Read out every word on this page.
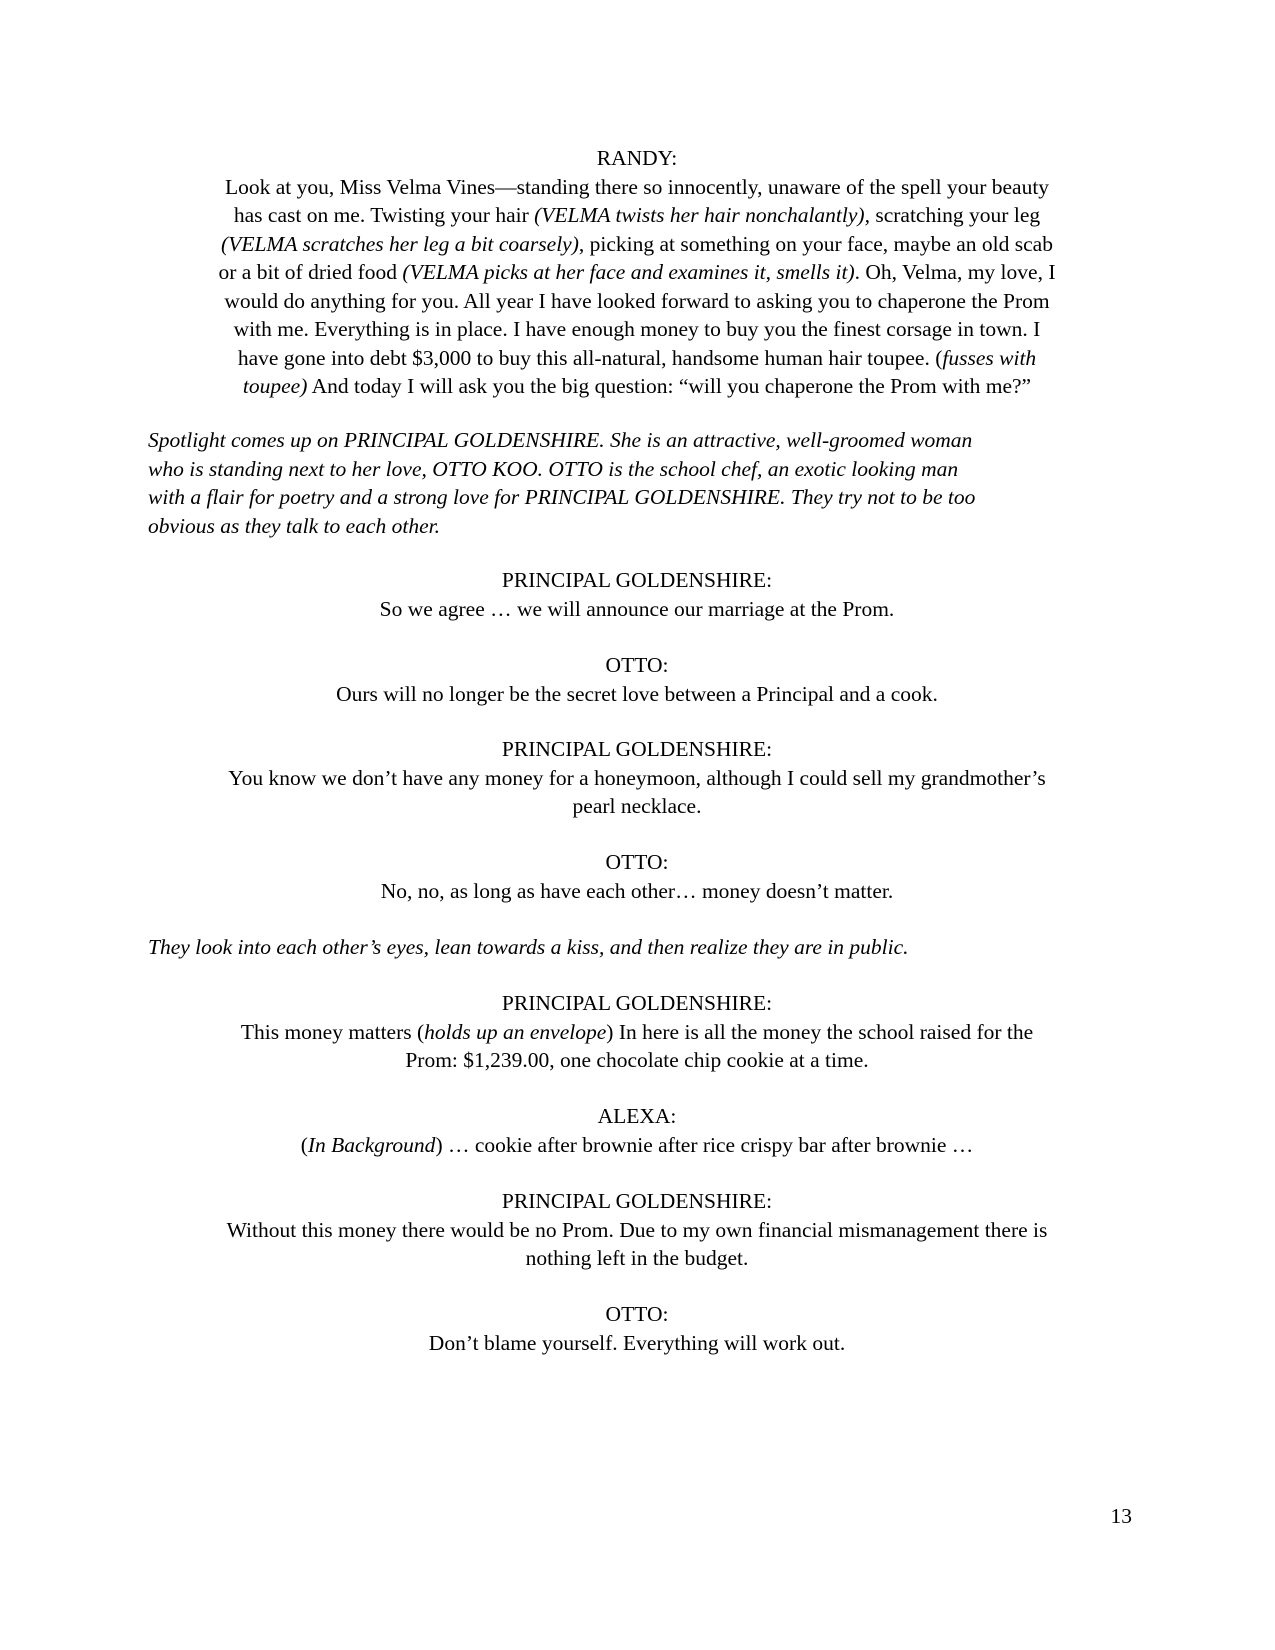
RANDY:
Look at you, Miss Velma Vines—standing there so innocently, unaware of the spell your beauty
has cast on me. Twisting your hair (VELMA twists her hair nonchalantly), scratching your leg
(VELMA scratches her leg a bit coarsely), picking at something on your face, maybe an old scab
or a bit of dried food (VELMA picks at her face and examines it, smells it). Oh, Velma, my love, I
would do anything for you. All year I have looked forward to asking you to chaperone the Prom
with me. Everything is in place. I have enough money to buy you the finest corsage in town. I
have gone into debt $3,000 to buy this all-natural, handsome human hair toupee. (fusses with
toupee) And today I will ask you the big question: “will you chaperone the Prom with me?”
Spotlight comes up on PRINCIPAL GOLDENSHIRE. She is an attractive, well-groomed woman
who is standing next to her love, OTTO KOO. OTTO is the school chef, an exotic looking man
with a flair for poetry and a strong love for PRINCIPAL GOLDENSHIRE. They try not to be too
obvious as they talk to each other.
PRINCIPAL GOLDENSHIRE:
So we agree … we will announce our marriage at the Prom.
OTTO:
Ours will no longer be the secret love between a Principal and a cook.
PRINCIPAL GOLDENSHIRE:
You know we don’t have any money for a honeymoon, although I could sell my grandmother’s
pearl necklace.
OTTO:
No, no, as long as have each other… money doesn’t matter.
They look into each other’s eyes, lean towards a kiss, and then realize they are in public.
PRINCIPAL GOLDENSHIRE:
This money matters (holds up an envelope) In here is all the money the school raised for the
Prom: $1,239.00, one chocolate chip cookie at a time.
ALEXA:
(In Background) … cookie after brownie after rice crispy bar after brownie …
PRINCIPAL GOLDENSHIRE:
Without this money there would be no Prom. Due to my own financial mismanagement there is
nothing left in the budget.
OTTO:
Don’t blame yourself. Everything will work out.
13
